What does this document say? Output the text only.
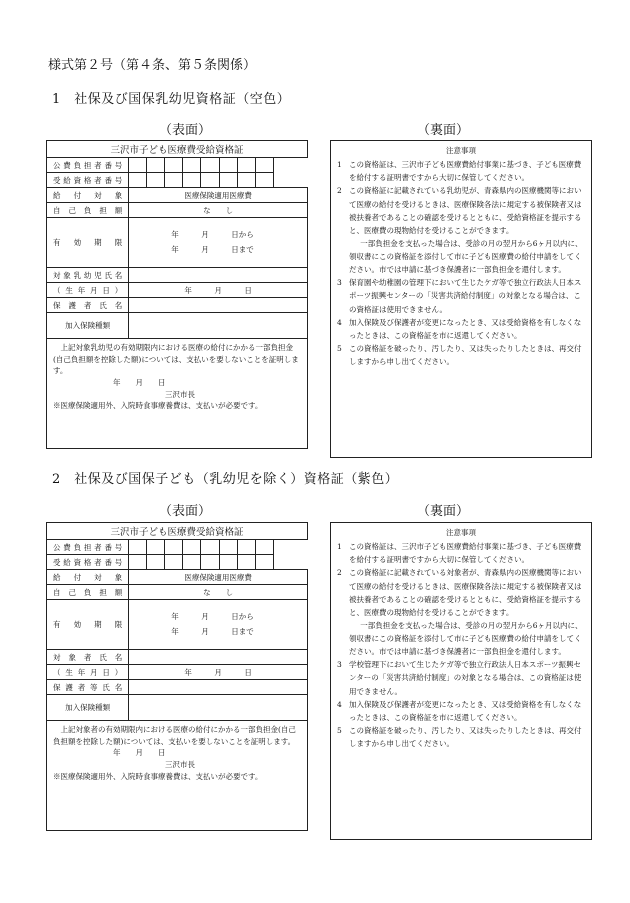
様式第２号（第４条、第５条関係）
1　社保及び国保乳幼児資格証（空色）
（表面）	（裏面）
三沢市子ども医療費受給資格証									
公費負担者番号									
受給資格者番号									
給付対象	医療保険適用医療費								
自己負担額	な　　し								
有効期限	年　　　月　　　日から
年　　　月　　　日まで								

対象乳幼児氏名									
（生年月日）	年　　　月　　　日								
保護者氏名									
加入保険種類									

上記対象乳幼児の有効期限内における医療の給付にかかる一部負担金(自己負担額を控除した額)については、支払いを要しないことを証明します。
年　　月　　日
三沢市長
※医療保険適用外、入院時食事療養費は、支払いが必要です。									
注意事項
1 この資格証は、三沢市子ども医療費給付事業に基づき、子ども医療費を給付する証明書ですから大切に保管してください。
2 この資格証に記載されている乳幼児が、青森県内の医療機関等において医療の給付を受けるときは、医療保険各法に規定する被保険者又は被扶養者であることの確認を受けるとともに、受給資格証を提示すると、医療費の現物給付を受けることができます。
一部負担金を支払った場合は、受診の月の翌月から6ヶ月以内に、領収書にこの資格証を添付して市に子ども医療費の給付申請をしてください。市では申請に基づき保護者に一部負担金を還付します。
3 保育園や幼稚園の管理下において生じたケガ等で独立行政法人日本スポーツ振興センターの「災害共済給付制度」の対象となる場合は、この資格証は使用できません。
4 加入保険及び保護者が変更になったとき、又は受給資格を有しなくなったときは、この資格証を市に返還してください。
5 この資格証を破ったり、汚したり、又は失ったりしたときは、再交付しますから申し出てください。
2　社保及び国保子ども（乳幼児を除く）資格証（紫色）
（表面）	（裏面）
三沢市子ども医療費受給資格証									
公費負担者番号									
受給資格者番号									
給付対象	医療保険適用医療費								
自己負担額	な　　し								
有効期限	年　　　月　　　日から
年　　　月　　　日まで								

対象者氏名									
（生年月日）	年　　　月　　　日								
保護者等氏名									
加入保険種類									

上記対象者の有効期限内における医療の給付にかかる一部負担金(自己負担額を控除した額)については、支払いを要しないことを証明します。
年　　月　　日
三沢市長
※医療保険適用外、入院時食事療養費は、支払いが必要です。									
注意事項
1 この資格証は、三沢市子ども医療費給付事業に基づき、子ども医療費を給付する証明書ですから大切に保管してください。
2 この資格証に記載されている対象者が、青森県内の医療機関等において医療の給付を受けるときは、医療保険各法に規定する被保険者又は被扶養者であることの確認を受けるとともに、受給資格証を提示すると、医療費の現物給付を受けることができます。
一部負担金を支払った場合は、受診の月の翌月から6ヶ月以内に、領収書にこの資格証を添付して市に子ども医療費の給付申請をしてください。市では申請に基づき保護者に一部負担金を還付します。
3 学校管理下において生じたケガ等で独立行政法人日本スポーツ振興センターの「災害共済給付制度」の対象となる場合は、この資格証は使用できません。
4 加入保険及び保護者が変更になったとき、又は受給資格を有しなくなったときは、この資格証を市に返還してください。
5 この資格証を破ったり、汚したり、又は失ったりしたときは、再交付しますから申し出てください。
